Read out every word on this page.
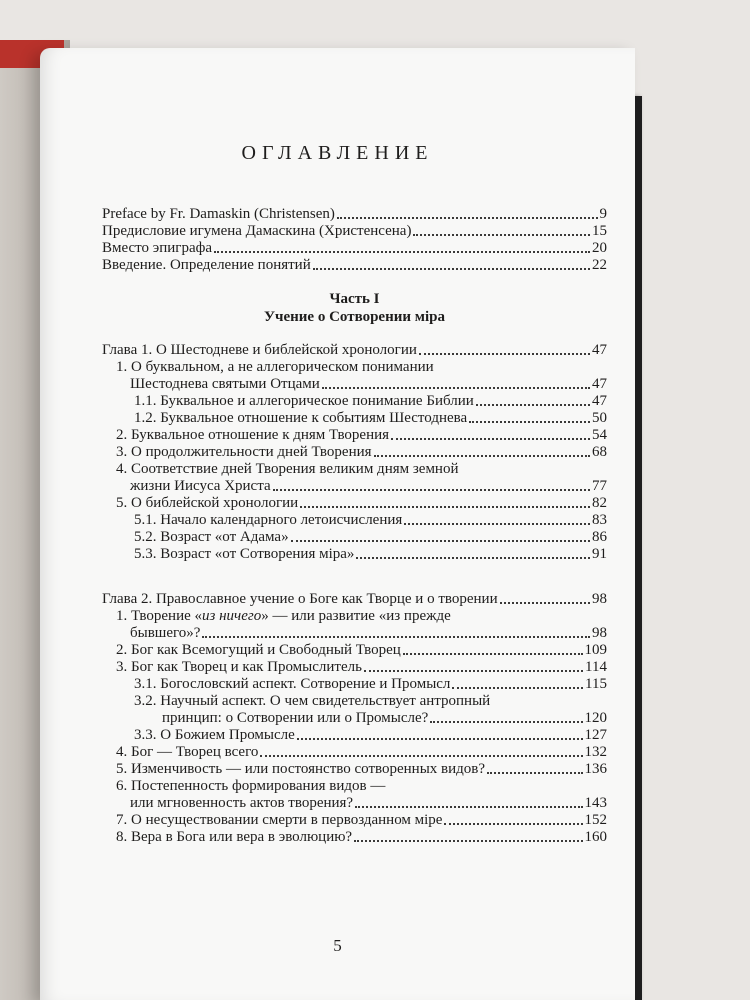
ОГЛАВЛЕНИЕ
Preface by Fr. Damaskin (Christensen)	9
Предисловие игумена Дамаскина (Христенсена)	15
Вместо эпиграфа	20
Введение. Определение понятий	22
Часть I
Учение о Сотворении міра
Глава 1. О Шестодневе и библейской хронологии	47
1. О буквальном, а не аллегорическом понимании
Шестоднева святыми Отцами	47
1.1. Буквальное и аллегорическое понимание Библии	47
1.2. Буквальное отношение к событиям Шестоднева	50
2. Буквальное отношение к дням Творения	54
3. О продолжительности дней Творения	68
4. Соответствие дней Творения великим дням земной
жизни Иисуса Христа	77
5. О библейской хронологии	82
5.1. Начало календарного летоисчисления	83
5.2. Возраст «от Адама»	86
5.3. Возраст «от Сотворения міра»	91
Глава 2. Православное учение о Боге как Творце и о творении	98
1. Творение «из ничего» — или развитие «из прежде
бывшего»?	98
2. Бог как Всемогущий и Свободный Творец	109
3. Бог как Творец и как Промыслитель	114
3.1. Богословский аспект. Сотворение и Промысл	115
3.2. Научный аспект. О чем свидетельствует антропный
принцип: о Сотворении или о Промысле?	120
3.3. О Божием Промысле	127
4. Бог — Творец всего	132
5. Изменчивость — или постоянство сотворенных видов?	136
6. Постепенность формирования видов —
или мгновенность актов творения?	143
7. О несуществовании смерти в первозданном міре	152
8. Вера в Бога или вера в эволюцию?	160
5
